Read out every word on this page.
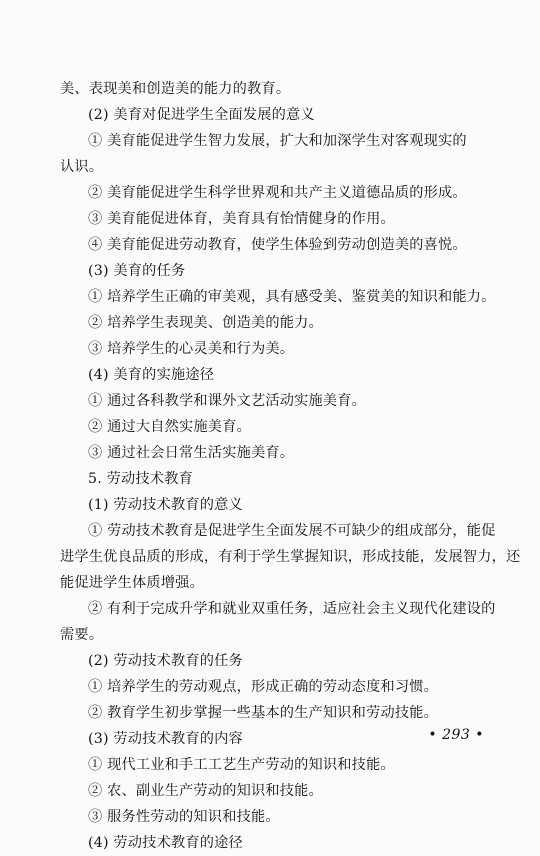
美、表现美和创造美的能力的教育。
(2) 美育对促进学生全面发展的意义
① 美育能促进学生智力发展，扩大和加深学生对客观现实的
认识。
② 美育能促进学生科学世界观和共产主义道德品质的形成。
③ 美育能促进体育，美育具有怡情健身的作用。
④ 美育能促进劳动教育，使学生体验到劳动创造美的喜悦。
(3) 美育的任务
① 培养学生正确的审美观，具有感受美、鉴赏美的知识和能力。
② 培养学生表现美、创造美的能力。
③ 培养学生的心灵美和行为美。
(4) 美育的实施途径
① 通过各科教学和课外文艺活动实施美育。
② 通过大自然实施美育。
③ 通过社会日常生活实施美育。
5. 劳动技术教育
(1) 劳动技术教育的意义
① 劳动技术教育是促进学生全面发展不可缺少的组成部分，能促
进学生优良品质的形成，有利于学生掌握知识，形成技能，发展智力，还
能促进学生体质增强。
② 有利于完成升学和就业双重任务，适应社会主义现代化建设的
需要。
(2) 劳动技术教育的任务
① 培养学生的劳动观点，形成正确的劳动态度和习惯。
② 教育学生初步掌握一些基本的生产知识和劳动技能。
(3) 劳动技术教育的内容
① 现代工业和手工工艺生产劳动的知识和技能。
② 农、副业生产劳动的知识和技能。
③ 服务性劳动的知识和技能。
(4) 劳动技术教育的途径
• 293 •
